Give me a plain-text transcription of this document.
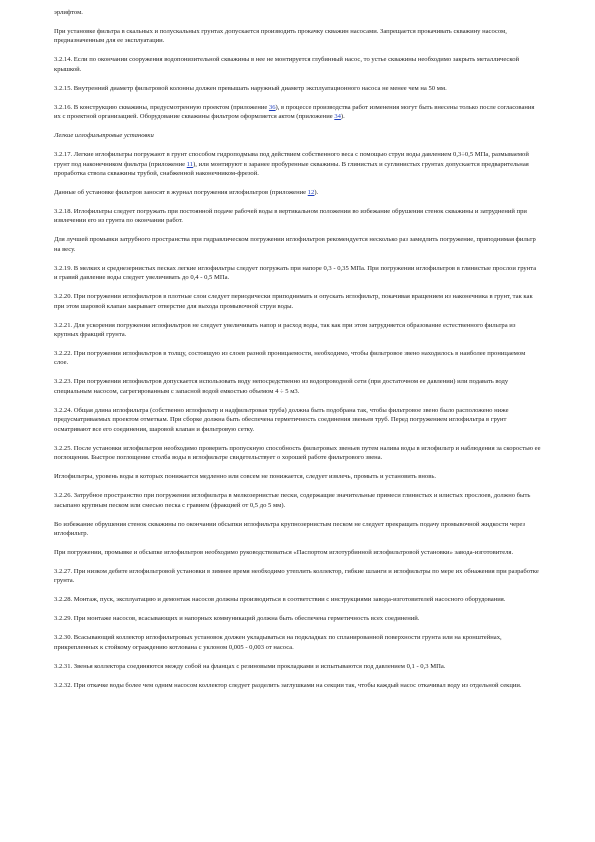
эрлифтом.

При установке фильтра в скальных и полускальных грунтах допускается производить прокачку скважин насосами. Запрещается прокачивать скважину насосом, предназначенным для ее эксплуатации.

3.2.14. Если по окончании сооружения водопонизительной скважины в нее не монтируется глубинный насос, то устье скважины необходимо закрыть металлической крышкой.

3.2.15. Внутренний диаметр фильтровой колонны должен превышать наружный диаметр эксплуатационного насоса не менее чем на 50 мм.

3.2.16. В конструкцию скважины, предусмотренную проектом (приложение 36), в процессе производства работ изменения могут быть внесены только после согласования их с проектной организацией. Оборудование скважины фильтром оформляется актом (приложение 34).

Легкие иглофильтровые установки

3.2.17. Легкие иглофильтры погружают в грунт способом гидроподмыва под действием собственного веса с помощью струи воды давлением 0,3÷0,5 МПа, размываемой грунт под наконечником фильтра (приложение 11), или монтируют в заранее пробуренные скважины. В глинистых и суглинистых грунтах допускается предварительная проработка ствола скважины трубой, снабженной наконечником-фрезой.

Данные об установке фильтров заносят в журнал погружения иглофильтров (приложение 12).

3.2.18. Иглофильтры следует погружать при постоянной подаче рабочей воды в вертикальном положении во избежание обрушения стенок скважины и затруднений при извлечении его из грунта по окончании работ.

Для лучшей промывки затрубного пространства при гидравлическом погружении иглофильтров рекомендуется несколько раз замедлить погружение, приподнимая фильтр на весу.

3.2.19. В мелких и среднезернистых песках легкие иглофильтры следует погружать при напоре 0,3 - 0,35 МПа. При погружении иглофильтров в глинистые прослои грунта и гравий давление воды следует увеличивать до 0,4 - 0,5 МПа.

3.2.20. При погружении иглофильтров в плотные слои следует периодически приподнимать и опускать иглофильтр, покачивая вращением из наконечника в грунт, так как при этом шаровой клапан закрывает отверстие для выхода промывочной струи воды.

3.2.21. Для ускорения погружения иглофильтров не следует увеличивать напор и расход воды, так как при этом затрудняется образование естественного фильтра из крупных фракций грунта.

3.2.22. При погружении иглофильтров в толщу, состоящую из слоев разной проницаемости, необходимо, чтобы фильтровое звено находилось в наиболее проницаемом слое.

3.2.23. При погружении иглофильтров допускается использовать воду непосредственно из водопроводной сети (при достаточном ее давлении) или подавать воду специальным насосом, сагрегированным с запасной водой емкостью объемом 4 ÷ 5 м3.

3.2.24. Общая длина иглофильтра (собственно иглофильтр и надфильтровая труба) должна быть подобрана так, чтобы фильтровое звено было расположено ниже предусматриваемых проектом отметкам. При сборке должна быть обеспечена герметичность соединения звеньев труб. Перед погружением иглофильтра в грунт осматривают все его соединения, шаровой клапан и фильтровую сетку.

3.2.25. После установки иглофильтров необходимо проверить пропускную способность фильтровых звеньев путем налива воды в иглофильтр и наблюдения за скоростью ее поглощения. Быстрое поглощение столба воды в иглофильтре свидетельствует о хорошей работе фильтрового звена.

Иглофильтры, уровень воды в которых понижается медленно или совсем не понижается, следует извлечь, промыть и установить вновь.

3.2.26. Затрубное пространство при погружении иглофильтра в мелкозернистые пески, содержащие значительные примеси глинистых и илистых прослоев, должно быть засыпано крупным песком или смесью песка с гравием (фракцией от 0,5 до 5 мм).

Во избежание обрушения стенок скважины по окончании обсыпки иглофильтра крупнозернистым песком не следует прекращать подачу промывочной жидкости через иглофильтр.

При погружении, промывке и обсыпке иглофильтров необходимо руководствоваться «Паспортом иглотурбинной иглофильтровой установки» завода-изготовителя.

3.2.27. При низком дебите иглофильтровой установки в зимнее время необходимо утеплить коллектор, гибкие шланги и иглофильтры по мере их обнажения при разработке грунта.

3.2.28. Монтаж, пуск, эксплуатацию и демонтаж насосов должны производиться в соответствии с инструкциями завода-изготовителей насосного оборудования.

3.2.29. При монтаже насосов, всасывающих и напорных коммуникаций должна быть обеспечена герметичность всех соединений.

3.2.30. Всасывающий коллектор иглофильтровых установок должен укладываться на подкладках по спланированной поверхности грунта или на кронштейнах, прикрепленных к стойкому ограждению котлована с уклоном 0,005 - 0,003 от насоса.

3.2.31. Звенья коллектора соединяются между собой на фланцах с резиновыми прокладками и испытываются под давлением 0,1 - 0,3 МПа.

3.2.32. При откачке воды более чем одним насосом коллектор следует разделить заглушками на секции так, чтобы каждый насос откачивал воду из отдельной секции.
